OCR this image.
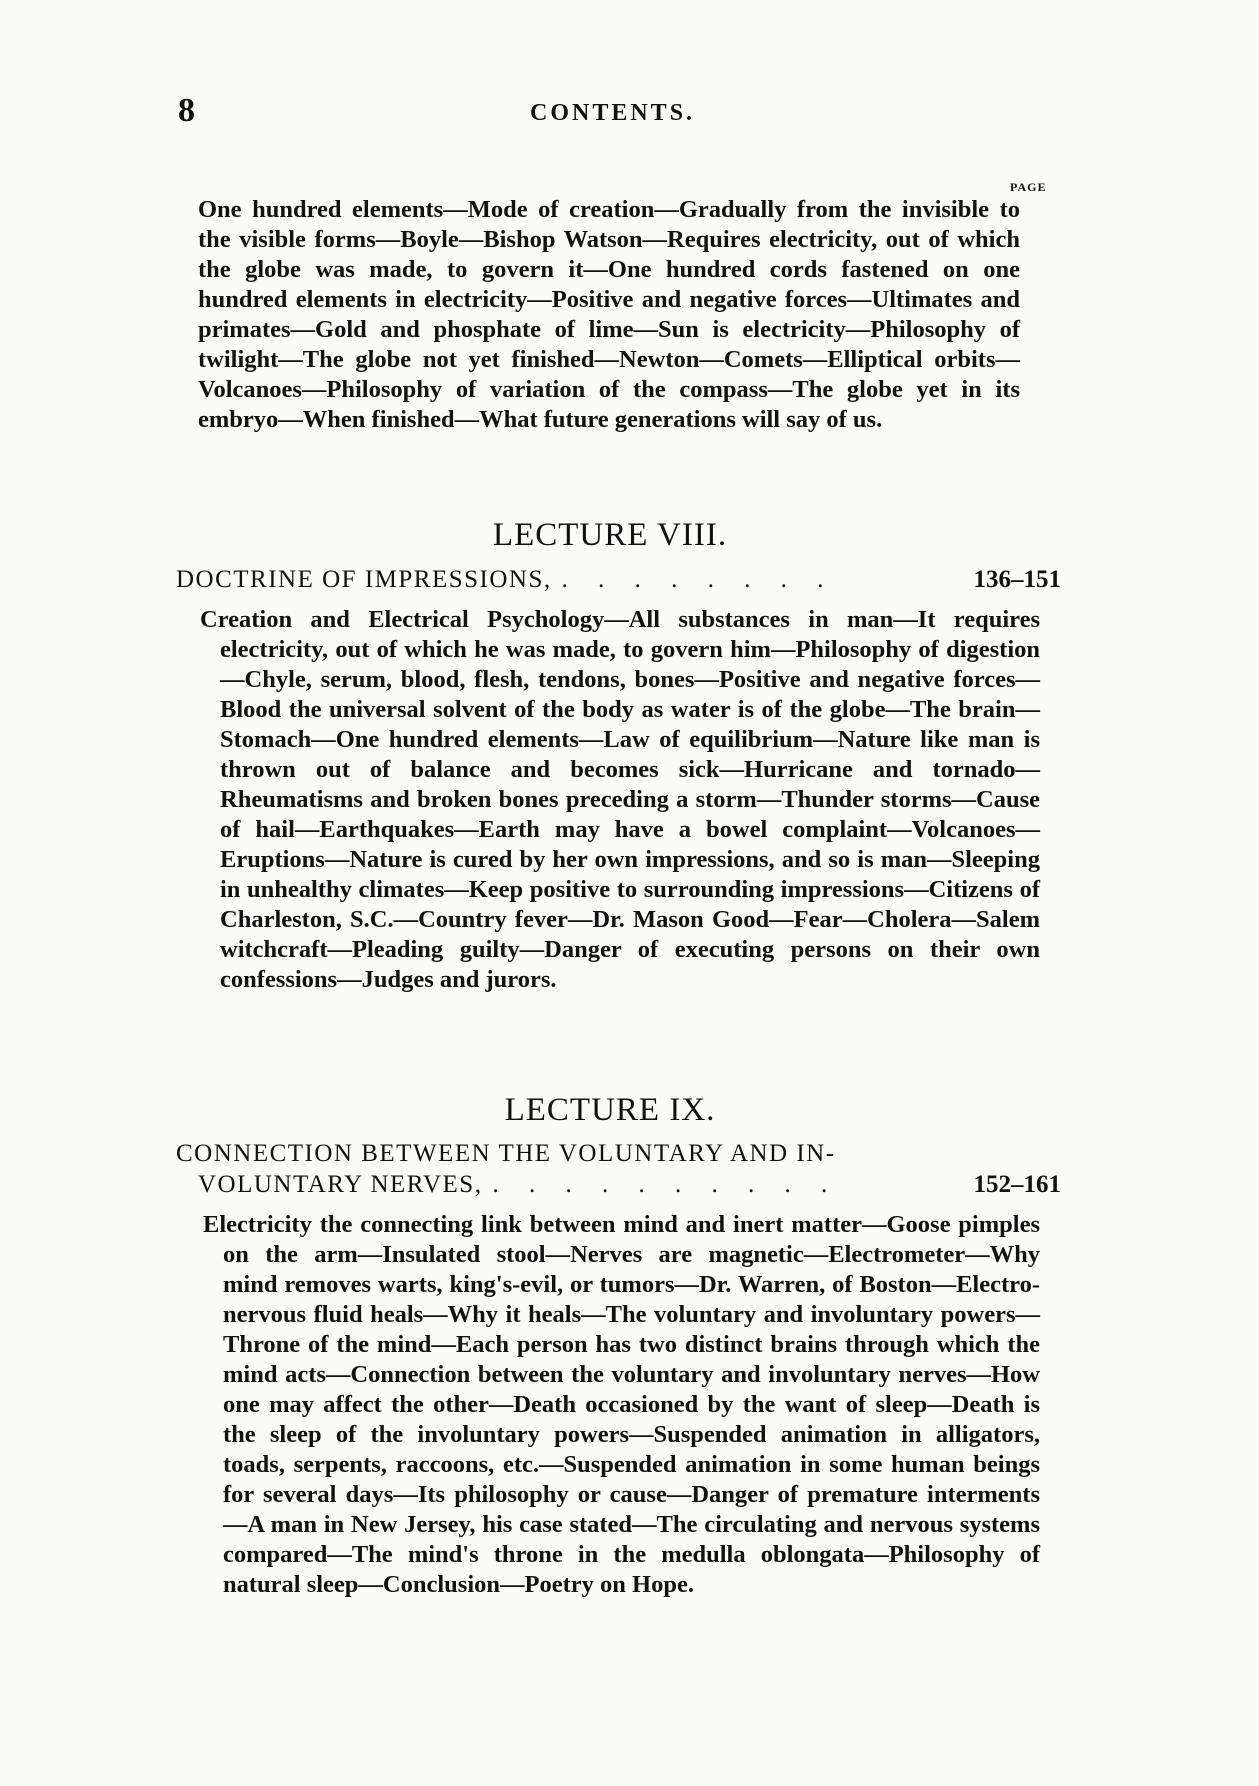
8	CONTENTS.
PAGE

One hundred elements—Mode of creation—Gradually from the invisible to the visible forms—Boyle—Bishop Watson—Requires electricity, out of which the globe was made, to govern it—One hundred cords fastened on one hundred elements in electricity—Positive and negative forces—Ultimates and primates—Gold and phosphate of lime—Sun is electricity—Philosophy of twilight—The globe not yet finished—Newton—Comets—Elliptical orbits—Volcanoes—Philosophy of variation of the compass—The globe yet in its embryo—When finished—What future generations will say of us.

LECTURE VIII.
DOCTRINE OF IMPRESSIONS, . . . . . . . .	136–151

Creation and Electrical Psychology—All substances in man—It requires electricity, out of which he was made, to govern him—Philosophy of digestion—Chyle, serum, blood, flesh, tendons, bones—Positive and negative forces—Blood the universal solvent of the body as water is of the globe—The brain—Stomach—One hundred elements—Law of equilibrium—Nature like man is thrown out of balance and becomes sick—Hurricane and tornado—Rheumatisms and broken bones preceding a storm—Thunder storms—Cause of hail—Earthquakes—Earth may have a bowel complaint—Volcanoes—Eruptions—Nature is cured by her own impressions, and so is man—Sleeping in unhealthy climates—Keep positive to surrounding impressions—Citizens of Charleston, S.C.—Country fever—Dr. Mason Good—Fear—Cholera—Salem witchcraft—Pleading guilty—Danger of executing persons on their own confessions—Judges and jurors.

LECTURE IX.
CONNECTION BETWEEN THE VOLUNTARY AND IN-
VOLUNTARY NERVES, . . . . . . . . . .	152–161

Electricity the connecting link between mind and inert matter—Goose pimples on the arm—Insulated stool—Nerves are magnetic—Electrometer—Why mind removes warts, king's-evil, or tumors—Dr. Warren, of Boston—Electro-nervous fluid heals—Why it heals—The voluntary and involuntary powers—Throne of the mind—Each person has two distinct brains through which the mind acts—Connection between the voluntary and involuntary nerves—How one may affect the other—Death occasioned by the want of sleep—Death is the sleep of the involuntary powers—Suspended animation in alligators, toads, serpents, raccoons, etc.—Suspended animation in some human beings for several days—Its philosophy or cause—Danger of premature interments—A man in New Jersey, his case stated—The circulating and nervous systems compared—The mind's throne in the medulla oblongata—Philosophy of natural sleep—Conclusion—Poetry on Hope.
